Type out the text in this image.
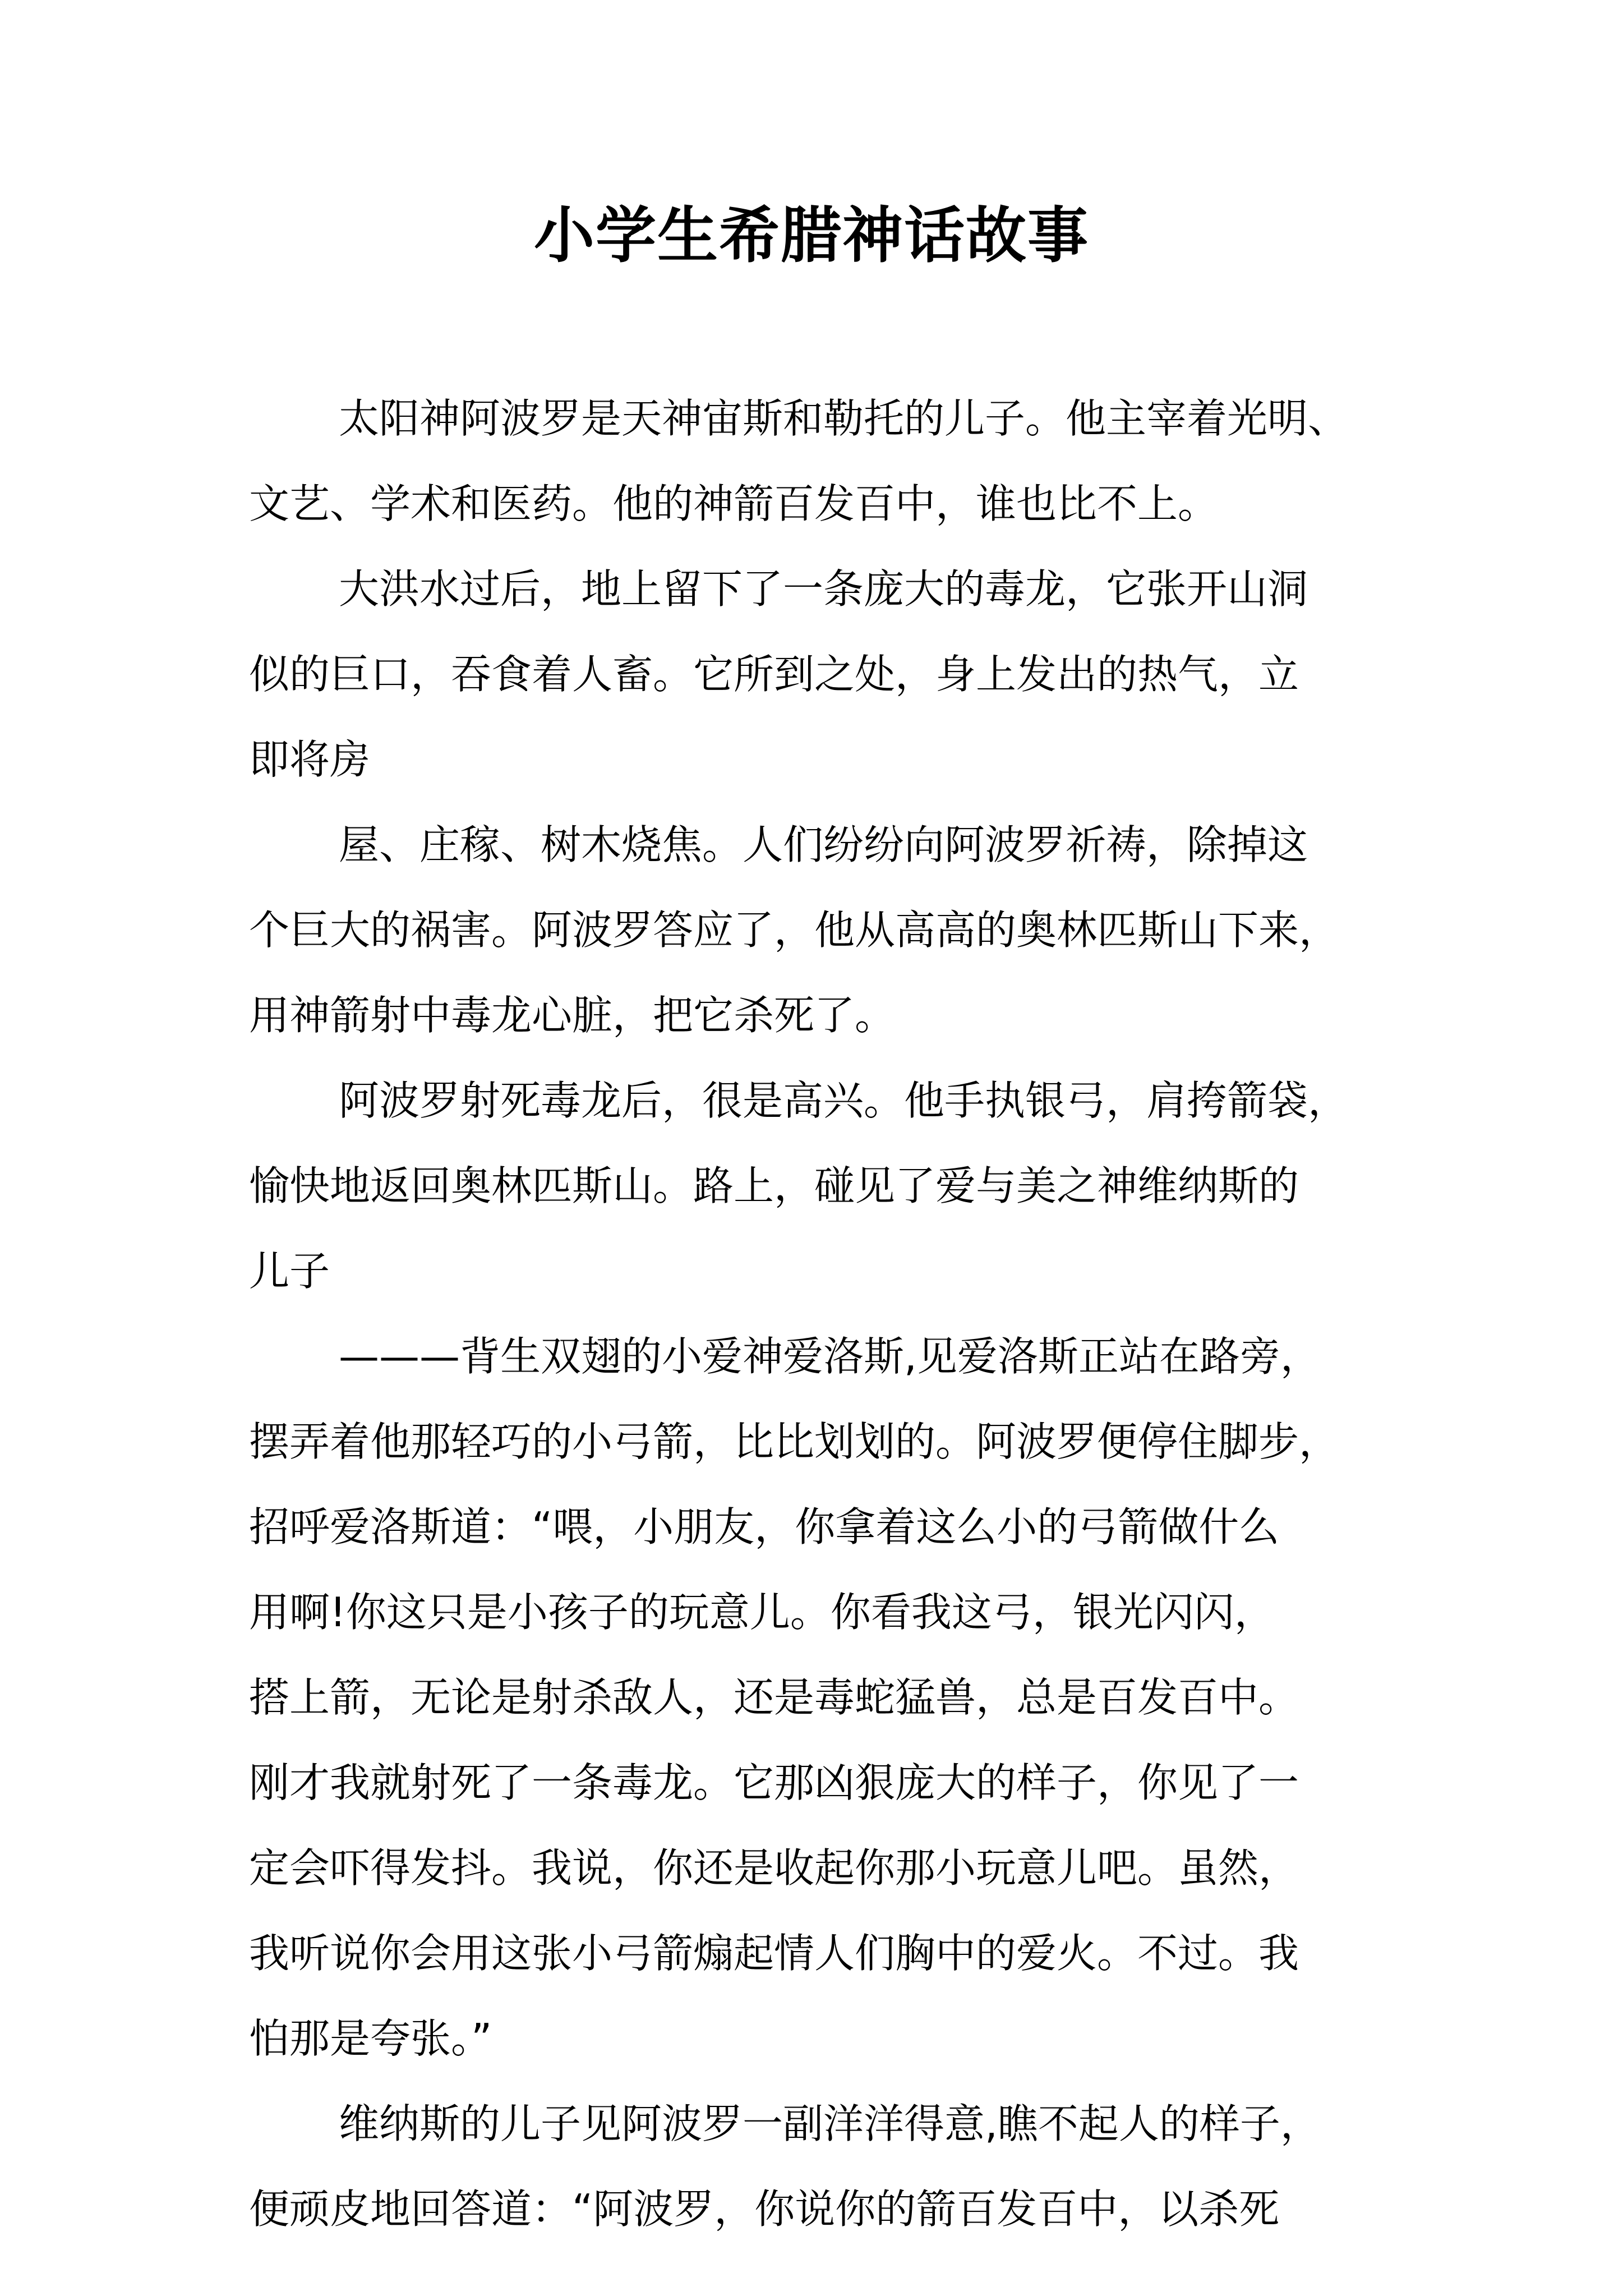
小学生希腊神话故事
太阳神阿波罗是天神宙斯和勒托的儿子。他主宰着光明、
文艺、学术和医药。他的神箭百发百中，谁也比不上。
大洪水过后，地上留下了一条庞大的毒龙，它张开山洞
似的巨口，吞食着人畜。它所到之处，身上发出的热气，立
即将房
屋、庄稼、树木烧焦。人们纷纷向阿波罗祈祷，除掉这
个巨大的祸害。阿波罗答应了，他从高高的奥林匹斯山下来，
用神箭射中毒龙心脏，把它杀死了。
阿波罗射死毒龙后，很是高兴。他手执银弓，肩挎箭袋，
愉快地返回奥林匹斯山。路上，碰见了爱与美之神维纳斯的
儿子
———背生双翅的小爱神爱洛斯,见爱洛斯正站在路旁，
摆弄着他那轻巧的小弓箭，比比划划的。阿波罗便停住脚步，
招呼爱洛斯道：“喂，小朋友，你拿着这么小的弓箭做什么
用啊!你这只是小孩子的玩意儿。你看我这弓，银光闪闪，
搭上箭，无论是射杀敌人，还是毒蛇猛兽，总是百发百中。
刚才我就射死了一条毒龙。它那凶狠庞大的样子，你见了一
定会吓得发抖。我说，你还是收起你那小玩意儿吧。虽然，
我听说你会用这张小弓箭煽起情人们胸中的爱火。不过。我
怕那是夸张。”
维纳斯的儿子见阿波罗一副洋洋得意,瞧不起人的样子，
便顽皮地回答道：“阿波罗，你说你的箭百发百中，以杀死
